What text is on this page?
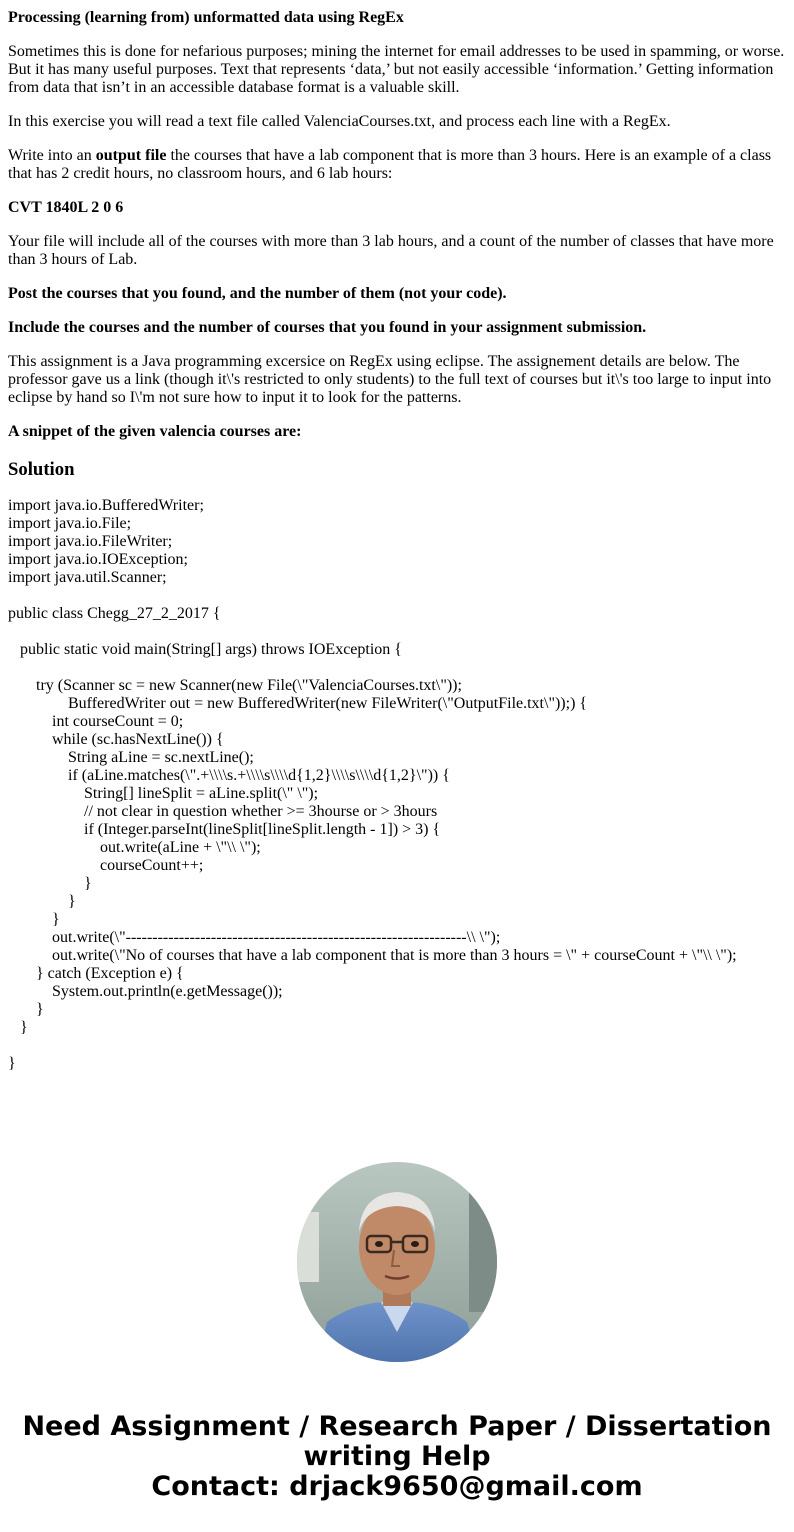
Processing (learning from) unformatted data using RegEx

Sometimes this is done for nefarious purposes; mining the internet for email addresses to be used in spamming, or worse. But it has many useful purposes. Text that represents ‘data,’ but not easily accessible ‘information.’ Getting information from data that isn’t in an accessible database format is a valuable skill.

In this exercise you will read a text file called ValenciaCourses.txt, and process each line with a RegEx.

Write into an output file the courses that have a lab component that is more than 3 hours. Here is an example of a class that has 2 credit hours, no classroom hours, and 6 lab hours:

CVT 1840L 2 0 6

Your file will include all of the courses with more than 3 lab hours, and a count of the number of classes that have more than 3 hours of Lab.

Post the courses that you found, and the number of them (not your code).

Include the courses and the number of courses that you found in your assignment submission.

This assignment is a Java programming excersice on RegEx using eclipse. The assignement details are below. The professor gave us a link (though it\'s restricted to only students) to the full text of courses but it\'s too large to input into eclipse by hand so I\'m not sure how to input it to look for the patterns.

A snippet of the given valencia courses are:

Solution
import java.io.BufferedWriter;
import java.io.File;
import java.io.FileWriter;
import java.io.IOException;
import java.util.Scanner;
public class Chegg_27_2_2017 {
public static void main(String[] args) throws IOException {
try (Scanner sc = new Scanner(new File(\"ValenciaCourses.txt\"));
BufferedWriter out = new BufferedWriter(new FileWriter(\"OutputFile.txt\"));) {
int courseCount = 0;
while (sc.hasNextLine()) {
String aLine = sc.nextLine();
if (aLine.matches(\".+\\\\s.+\\\\s\\\\d{1,2}\\\\s\\\\d{1,2}\")) {
String[] lineSplit = aLine.split(\" \");
// not clear in question whether >= 3hourse or > 3hours
if (Integer.parseInt(lineSplit[lineSplit.length - 1]) > 3) {
out.write(aLine + \"\\ \");
courseCount++;
}
}
}
out.write(\"----------------------------------------------------------------\\ \");
out.write(\"No of courses that have a lab component that is more than 3 hours = \" + courseCount + \"\\ \");
} catch (Exception e) {
System.out.println(e.getMessage());
}
}
}
Need Assignment / Research Paper / Dissertation
writing Help
Contact: drjack9650@gmail.com
